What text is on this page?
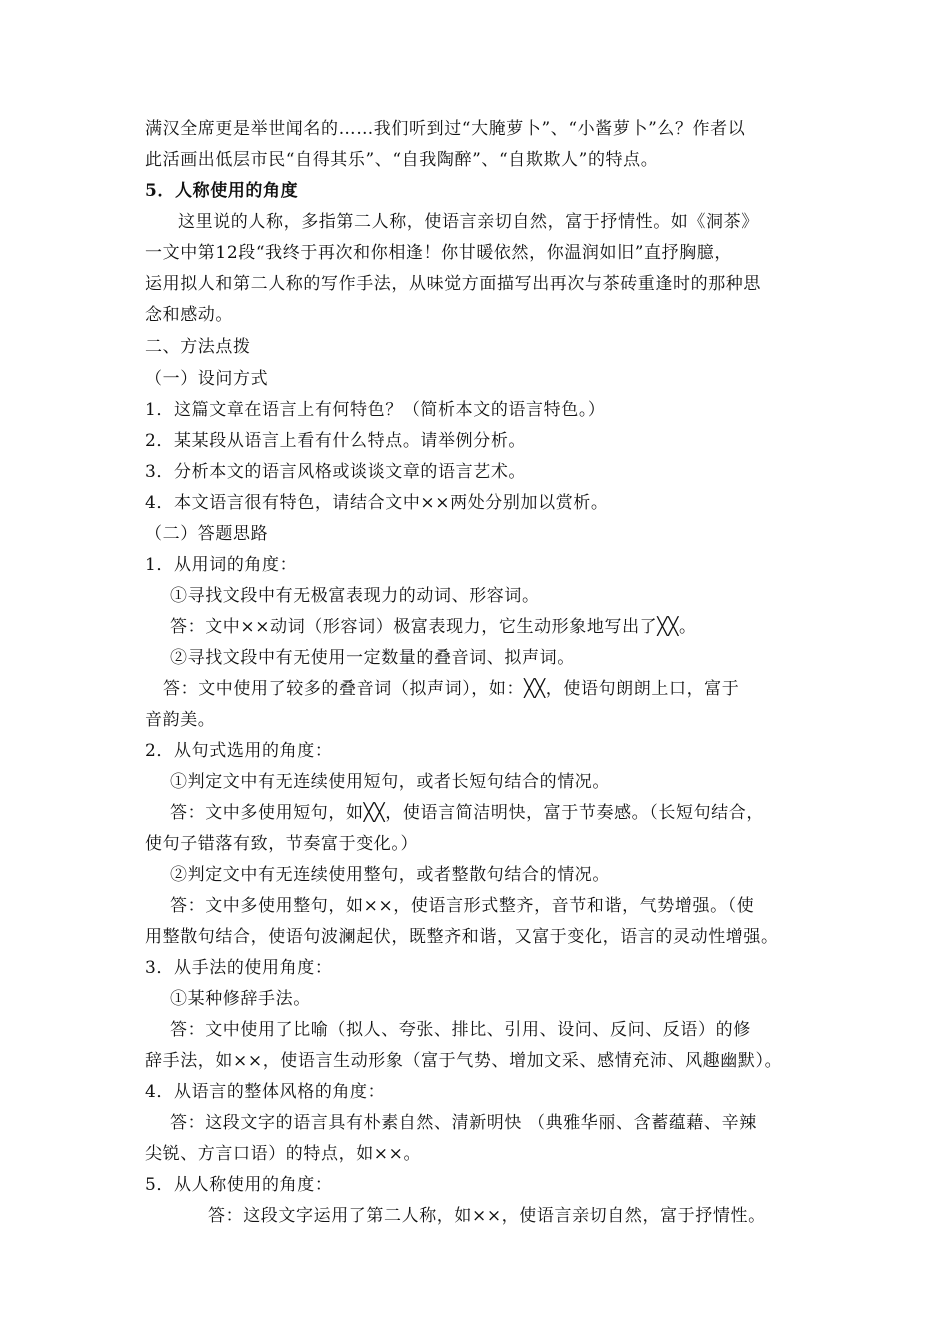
满汉全席更是举世闻名的……我们听到过“大腌萝卜”、“小酱萝卜”么？作者以
此活画出低层市民“自得其乐”、“自我陶醉”、“自欺欺人”的特点。
5．人称使用的角度
这里说的人称，多指第二人称，使语言亲切自然，富于抒情性。如《洞茶》
一文中第12段“我终于再次和你相逢！你甘暖依然，你温润如旧”直抒胸臆，
运用拟人和第二人称的写作手法，从味觉方面描写出再次与茶砖重逢时的那种思
念和感动。
二、方法点拨
（一）设问方式
1．这篇文章在语言上有何特色？（简析本文的语言特色。）
2．某某段从语言上看有什么特点。请举例分析。
3．分析本文的语言风格或谈谈文章的语言艺术。
4．本文语言很有特色，请结合文中××两处分别加以赏析。
（二）答题思路
1．从用词的角度：
①寻找文段中有无极富表现力的动词、形容词。
答：文中××动词（形容词）极富表现力，它生动形象地写出了╳╳。
②寻找文段中有无使用一定数量的叠音词、拟声词。
答：文中使用了较多的叠音词（拟声词），如：╳╳，使语句朗朗上口，富于
音韵美。
2．从句式选用的角度：
①判定文中有无连续使用短句，或者长短句结合的情况。
答：文中多使用短句，如╳╳，使语言简洁明快，富于节奏感。（长短句结合，
使句子错落有致，节奏富于变化。）
②判定文中有无连续使用整句，或者整散句结合的情况。
答：文中多使用整句，如××，使语言形式整齐，音节和谐，气势增强。（使
用整散句结合，使语句波澜起伏，既整齐和谐，又富于变化，语言的灵动性增强。
3．从手法的使用角度：
①某种修辞手法。
答：文中使用了比喻（拟人、夸张、排比、引用、设问、反问、反语）的修
辞手法，如××，使语言生动形象（富于气势、增加文采、感情充沛、风趣幽默）。
4．从语言的整体风格的角度：
答：这段文字的语言具有朴素自然、清新明快 （典雅华丽、含蓄蕴藉、辛辣
尖锐、方言口语）的特点，如××。
5．从人称使用的角度：
答：这段文字运用了第二人称，如××，使语言亲切自然，富于抒情性。
